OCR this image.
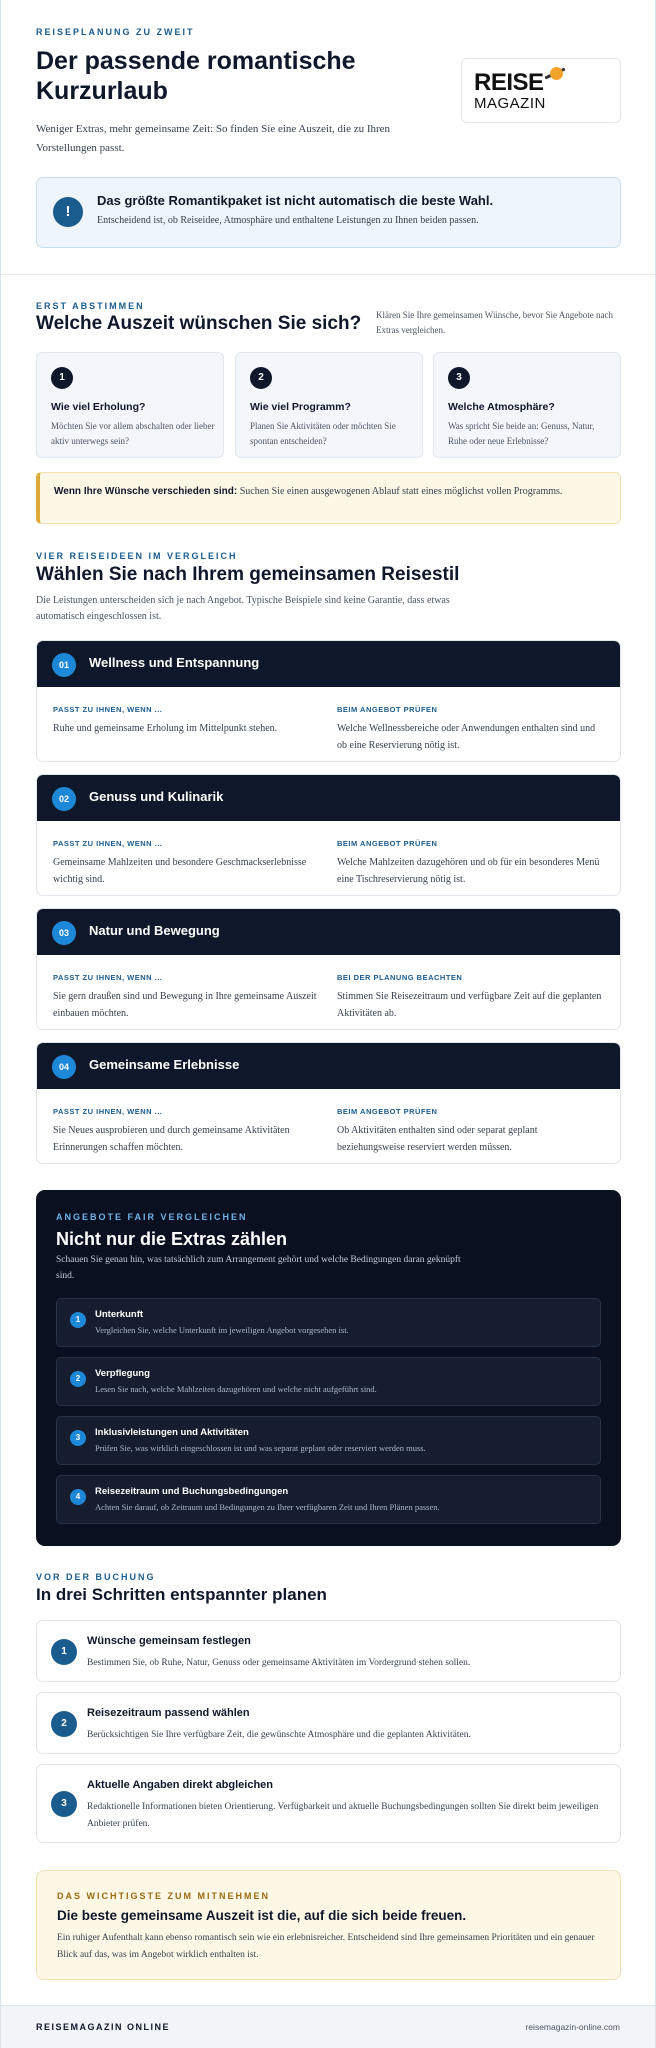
REISEPLANUNG ZU ZWEIT
Der passende romantische Kurzurlaub

Weniger Extras, mehr gemeinsame Zeit: So finden Sie eine Auszeit, die zu Ihren Vorstellungen passt.

REISE
MAGAZIN
!
Das größte Romantikpaket ist nicht automatisch die beste Wahl.
Entscheidend ist, ob Reiseidee, Atmosphäre und enthaltene Leistungen zu Ihnen beiden passen.
ERST ABSTIMMEN
Welche Auszeit wünschen Sie sich? Klären Sie Ihre gemeinsamen Wünsche, bevor Sie Angebote nach Extras vergleichen.

1
Wie viel Erholung?
Möchten Sie vor allem abschalten oder lieber aktiv unterwegs sein?
2
Wie viel Programm?
Planen Sie Aktivitäten oder möchten Sie spontan entscheiden?
3
Welche Atmosphäre?
Was spricht Sie beide an: Genuss, Natur, Ruhe oder neue Erlebnisse?
Wenn Ihre Wünsche verschieden sind: Suchen Sie einen ausgewogenen Ablauf statt eines möglichst vollen Programms.
VIER REISEIDEEN IM VERGLEICH
Wählen Sie nach Ihrem gemeinsamen Reisestil

Die Leistungen unterscheiden sich je nach Angebot. Typische Beispiele sind keine Garantie, dass etwas automatisch eingeschlossen ist.

01	Wellness und Entspannung
PASST ZU IHNEN, WENN ...
Ruhe und gemeinsame Erholung im Mittelpunkt stehen.
BEIM ANGEBOT PRÜFEN
Welche Wellnessbereiche oder Anwendungen enthalten sind und ob eine Reservierung nötig ist.
02	Genuss und Kulinarik
PASST ZU IHNEN, WENN ...
Gemeinsame Mahlzeiten und besondere Geschmackserlebnisse wichtig sind.
BEIM ANGEBOT PRÜFEN
Welche Mahlzeiten dazugehören und ob für ein besonderes Menü eine Tischreservierung nötig ist.
03	Natur und Bewegung
PASST ZU IHNEN, WENN ...
Sie gern draußen sind und Bewegung in Ihre gemeinsame Auszeit einbauen möchten.
BEI DER PLANUNG BEACHTEN
Stimmen Sie Reisezeitraum und verfügbare Zeit auf die geplanten Aktivitäten ab.
04	Gemeinsame Erlebnisse
PASST ZU IHNEN, WENN ...
Sie Neues ausprobieren und durch gemeinsame Aktivitäten Erinnerungen schaffen möchten.
BEIM ANGEBOT PRÜFEN
Ob Aktivitäten enthalten sind oder separat geplant beziehungsweise reserviert werden müssen.
ANGEBOTE FAIR VERGLEICHEN
Nicht nur die Extras zählen

Schauen Sie genau hin, was tatsächlich zum Arrangement gehört und welche Bedingungen daran geknüpft sind.

1	Unterkunft
Vergleichen Sie, welche Unterkunft im jeweiligen Angebot vorgesehen ist.
2	Verpflegung
Lesen Sie nach, welche Mahlzeiten dazugehören und welche nicht aufgeführt sind.
3	Inklusivleistungen und Aktivitäten
Prüfen Sie, was wirklich eingeschlossen ist und was separat geplant oder reserviert werden muss.
4	Reisezeitraum und Buchungsbedingungen
Achten Sie darauf, ob Zeitraum und Bedingungen zu Ihrer verfügbaren Zeit und Ihren Plänen passen.
VOR DER BUCHUNG
In drei Schritten entspannter planen
1
Wünsche gemeinsam festlegen
Bestimmen Sie, ob Ruhe, Natur, Genuss oder gemeinsame Aktivitäten im Vordergrund stehen sollen.
2
Reisezeitraum passend wählen
Berücksichtigen Sie Ihre verfügbare Zeit, die gewünschte Atmosphäre und die geplanten Aktivitäten.
3
Aktuelle Angaben direkt abgleichen
Redaktionelle Informationen bieten Orientierung. Verfügbarkeit und aktuelle Buchungsbedingungen sollten Sie direkt beim jeweiligen Anbieter prüfen.
DAS WICHTIGSTE ZUM MITNEHMEN
Die beste gemeinsame Auszeit ist die, auf die sich beide freuen.
Ein ruhiger Aufenthalt kann ebenso romantisch sein wie ein erlebnisreicher. Entscheidend sind Ihre gemeinsamen Prioritäten und ein genauer Blick auf das, was im Angebot wirklich enthalten ist.
REISEMAGAZIN ONLINE	reisemagazin-online.com
